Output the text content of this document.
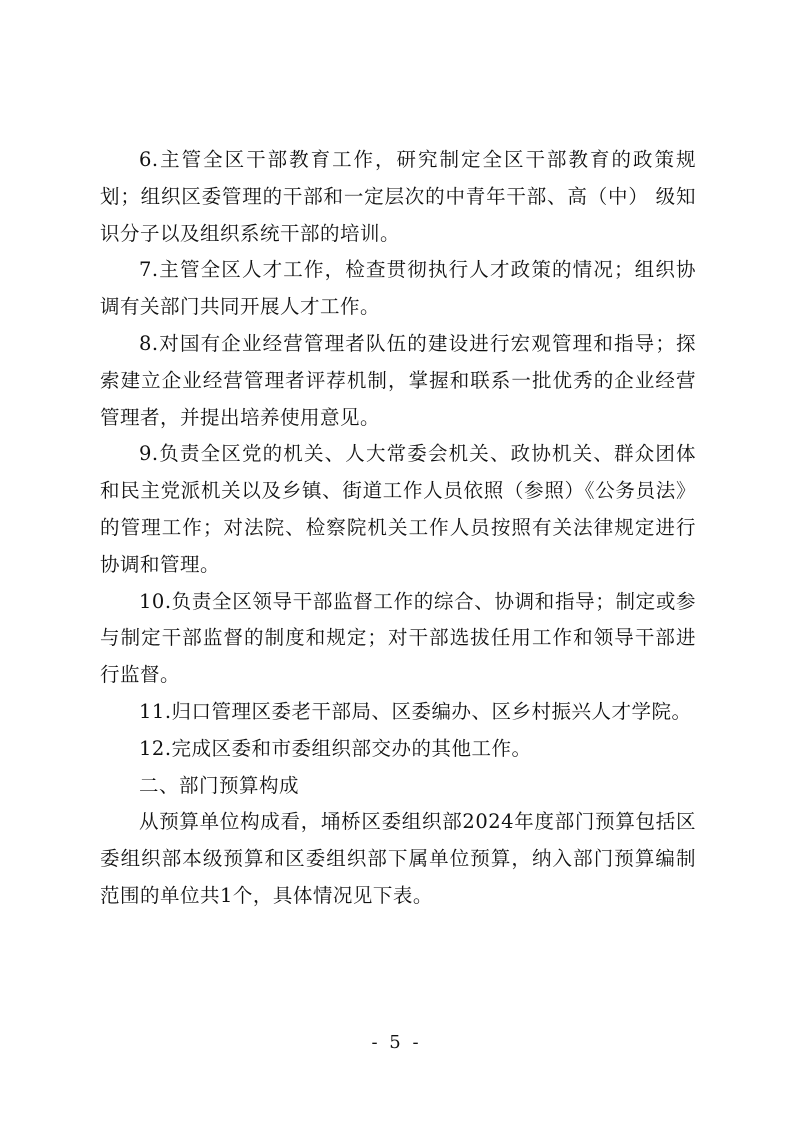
6.主管全区干部教育工作，研究制定全区干部教育的政策规划；组织区委管理的干部和一定层次的中青年干部、高（中） 级知识分子以及组织系统干部的培训。

7.主管全区人才工作，检查贯彻执行人才政策的情况；组织协调有关部门共同开展人才工作。

8.对国有企业经营管理者队伍的建设进行宏观管理和指导；探索建立企业经营管理者评荐机制，掌握和联系一批优秀的企业经营管理者，并提出培养使用意见。

9.负责全区党的机关、人大常委会机关、政协机关、群众团体和民主党派机关以及乡镇、街道工作人员依照（参照）《公务员法》的管理工作；对法院、检察院机关工作人员按照有关法律规定进行协调和管理。

10.负责全区领导干部监督工作的综合、协调和指导；制定或参与制定干部监督的制度和规定；对干部选拔任用工作和领导干部进行监督。

11.归口管理区委老干部局、区委编办、区乡村振兴人才学院。

12.完成区委和市委组织部交办的其他工作。

二、部门预算构成

从预算单位构成看，埇桥区委组织部2024年度部门预算包括区委组织部本级预算和区委组织部下属单位预算，纳入部门预算编制范围的单位共1个，具体情况见下表。

- 5 -
